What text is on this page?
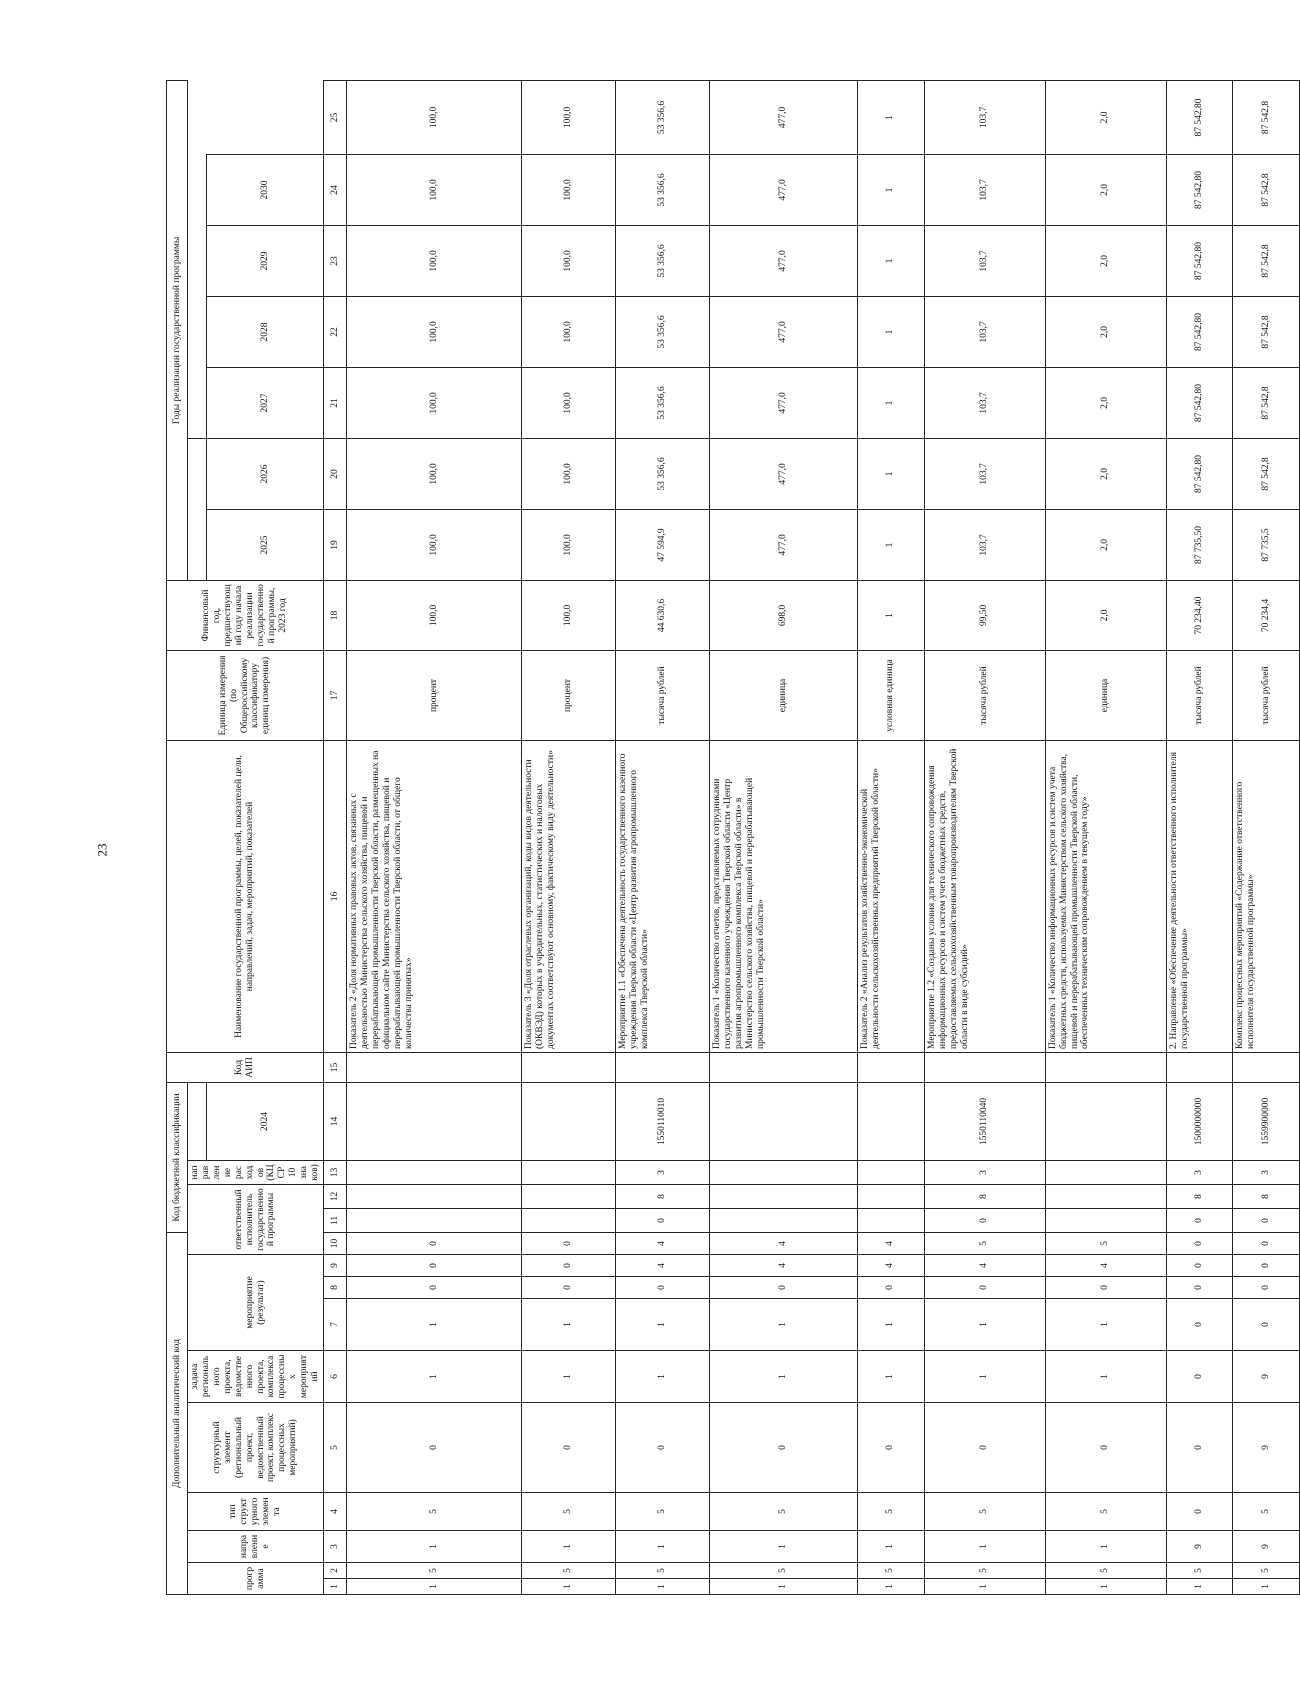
23
Дополнительный аналитический код										Код бюджетной классификации				Код АИП	Наименование государственной программы, целей, показателей цели, направлений, задач, мероприятий, показателей	Единица измерения (по Общероссийскому классификатору единиц измерения)	Финансовый год, предшествующий году начала реализации государственной программы, 2023 год	Годы реализации государственной программы						
программа		направление	тип структурного элемента	структурный элемент (региональный проект, ведомственный проект, комплекс процессных мероприятий)	задача регионального проекта, ведомственного проекта, комплекса процессных мероприятий	мероприятие (результат)			ответственный исполнитель государственной программы			направление расходов (КЦСР 10 знаков)												
													2024					2025	2026	2027	2028	2029	2030	
1	2	3	4	5	6	7	8	9	10	11	12	13	14	15	16	17	18	19	20	21	22	23	24	25
1	5	1	5	0	1	1	0	0	0						Показатель 2 «Доля нормативных правовых актов, связанных с деятельностью Министерства сельского хозяйства, пищевой и перерабатывающей промышленности Тверской области, размещенных на официальном сайте Министерства сельского хозяйства, пищевой и перерабатывающей промышленности Тверской области, от общего количества принятых»	процент	100,0	100,0	100,0	100,0	100,0	100,0	100,0	100,0
1	5	1	5	0	1	1	0	0	0						Показатель 3 «Доля отраслевых организаций, коды видов деятельности (ОКВЭД) которых в учредительных, статистических и налоговых документах соответствуют основному, фактическому виду деятельности»	процент	100,0	100,0	100,0	100,0	100,0	100,0	100,0	100,0
1	5	1	5	0	1	1	0	4	4	0	8	3	1550110010		Мероприятие 1.1 «Обеспечена деятельность государственного казенного учреждения Тверской области «Центр развития агропромышленного комплекса Тверской области»	тысяча рублей	44 630,6	47 594,9	53 356,6	53 356,6	53 356,6	53 356,6	53 356,6	53 356,6
1	5	1	5	0	1	1	0	4	4						Показатель 1 «Количество отчетов, представляемых сотрудниками государственного казенного учреждения Тверской области «Центр развития агропромышленного комплекса Тверской области» в Министерство сельского хозяйства, пищевой и перерабатывающей промышленности Тверской области»	единица	698,0	477,0	477,0	477,0	477,0	477,0	477,0	477,0
1	5	1	5	0	1	1	0	4	4						Показатель 2 «Анализ результатов хозяйственно-экономической деятельности сельскохозяйственных предприятий Тверской области»	условная единица	1	1	1	1	1	1	1	1
1	5	1	5	0	1	1	0	4	5	0	8	3	1550110040		Мероприятие 1.2 «Созданы условия для технического сопровождения информационных ресурсов и систем учета бюджетных средств, предоставляемых сельскохозяйственным товаропроизводителям Тверской области в виде субсидий»	тысяча рублей	99,50	103,7	103,7	103,7	103,7	103,7	103,7	103,7
1	5	1	5	0	1	1	0	4	5						Показатель 1 «Количество информационных ресурсов и систем учета бюджетных средств, используемых Министерством сельского хозяйства, пищевой и перерабатывающей промышленности Тверской области, обеспеченных техническим сопровождением в текущем году»	единица	2,0	2,0	2,0	2,0	2,0	2,0	2,0	2,0
1	5	9	0	0	0	0	0	0	0	0	8	3	1500000000		2. Направление «Обеспечение деятельности ответственного исполнителя государственной программы»	тысяча рублей	70 234,40	87 735,50	87 542,80	87 542,80	87 542,80	87 542,80	87 542,80	87 542,80
1	5	9	5	9	9	0	0	0	0	0	8	3	1559900000		Комплекс процессных мероприятий «Содержание ответственного исполнителя государственной программы»	тысяча рублей	70 234,4	87 735,5	87 542,8	87 542,8	87 542,8	87 542,8	87 542,8	87 542,8
